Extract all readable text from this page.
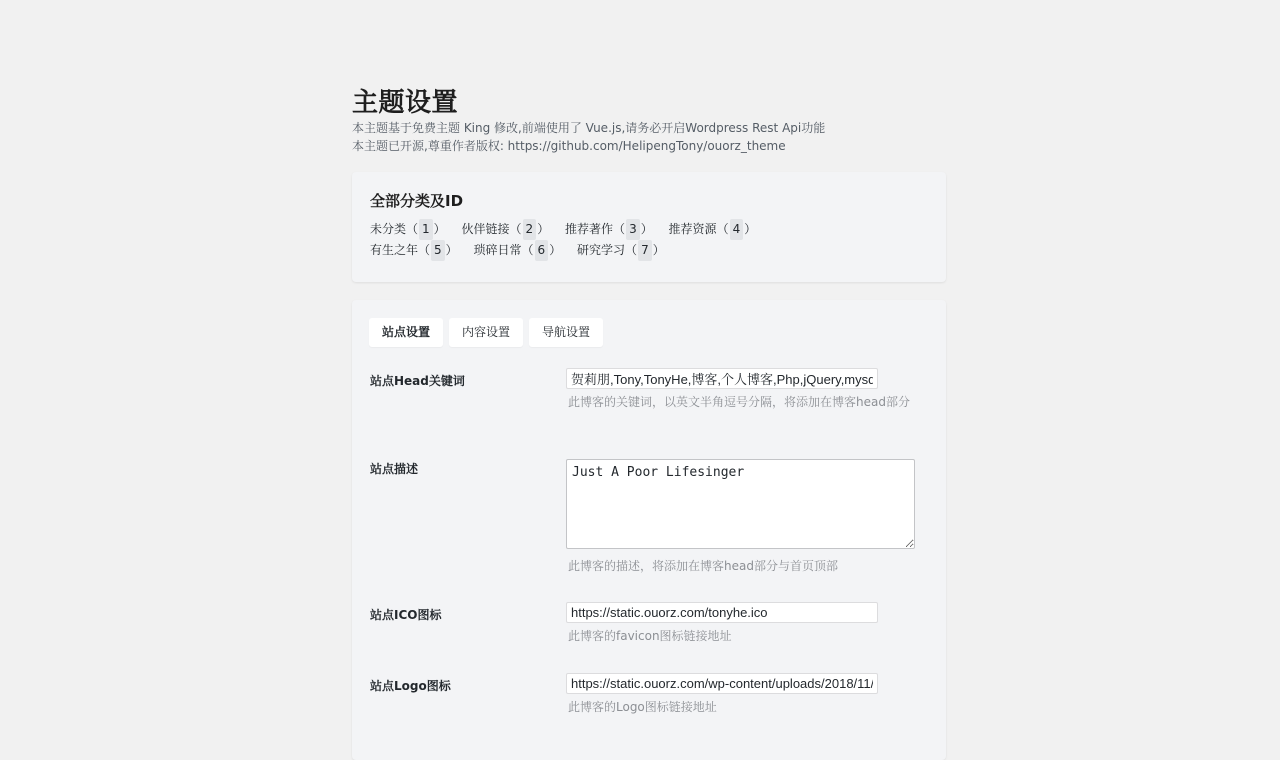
主题设置
本主题基于免费主题 King 修改,前端使用了 Vue.js,请务必开启Wordpress Rest Api功能
本主题已开源,尊重作者版权: https://github.com/HelipengTony/ouorz_theme
全部分类及ID
未分类（ 1 ） 伙伴链接（ 2 ） 推荐著作（ 3 ） 推荐资源（ 4 ） 有生之年（ 5 ） 琐碎日常（ 6 ） 研究学习（ 7 ）
站点设置	内容设置	导航设置
站点Head关键词
贺莉朋,Tony,TonyHe,博客,个人博客,Php,jQuery,mysql
此博客的关键词，以英文半角逗号分隔，将添加在博客head部分
站点描述
Just A Poor Lifesinger
此博客的描述，将添加在博客head部分与首页顶部
站点ICO图标
https://static.ouorz.com/tonyhe.ico
此博客的favicon图标链接地址
站点Logo图标
https://static.ouorz.com/wp-content/uploads/2018/11/
此博客的Logo图标链接地址
